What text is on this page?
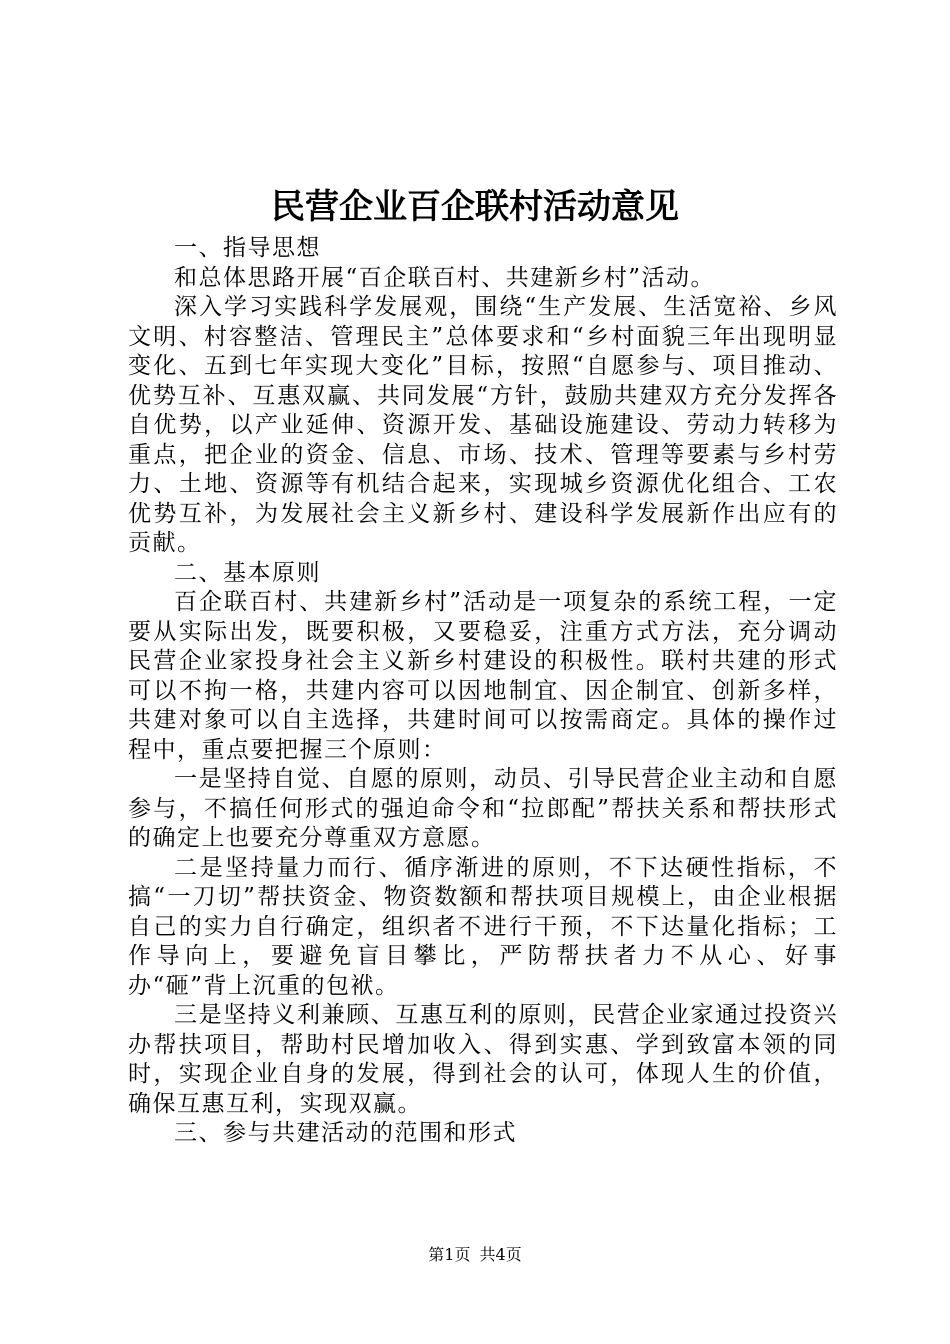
民营企业百企联村活动意见

一、指导思想

和总体思路开展“百企联百村、共建新乡村”活动。

深入学习实践科学发展观，围绕“生产发展、生活宽裕、乡风文明、村容整洁、管理民主”总体要求和“乡村面貌三年出现明显变化、五到七年实现大变化”目标，按照“自愿参与、项目推动、优势互补、互惠双赢、共同发展“方针，鼓励共建双方充分发挥各自优势，以产业延伸、资源开发、基础设施建设、劳动力转移为重点，把企业的资金、信息、市场、技术、管理等要素与乡村劳力、土地、资源等有机结合起来，实现城乡资源优化组合、工农优势互补，为发展社会主义新乡村、建设科学发展新作出应有的贡献。

二、基本原则

百企联百村、共建新乡村”活动是一项复杂的系统工程，一定要从实际出发，既要积极，又要稳妥，注重方式方法，充分调动民营企业家投身社会主义新乡村建设的积极性。联村共建的形式可以不拘一格，共建内容可以因地制宜、因企制宜、创新多样，共建对象可以自主选择，共建时间可以按需商定。具体的操作过程中，重点要把握三个原则：

一是坚持自觉、自愿的原则，动员、引导民营企业主动和自愿参与，不搞任何形式的强迫命令和“拉郎配”帮扶关系和帮扶形式的确定上也要充分尊重双方意愿。

二是坚持量力而行、循序渐进的原则，不下达硬性指标，不搞“一刀切”帮扶资金、物资数额和帮扶项目规模上，由企业根据自己的实力自行确定，组织者不进行干预，不下达量化指标；工作导向上，要避免盲目攀比，严防帮扶者力不从心、好事办“砸”背上沉重的包袱。

三是坚持义利兼顾、互惠互利的原则，民营企业家通过投资兴办帮扶项目，帮助村民增加收入、得到实惠、学到致富本领的同时，实现企业自身的发展，得到社会的认可，体现人生的价值，确保互惠互利，实现双赢。

三、参与共建活动的范围和形式

第1页 共4页
